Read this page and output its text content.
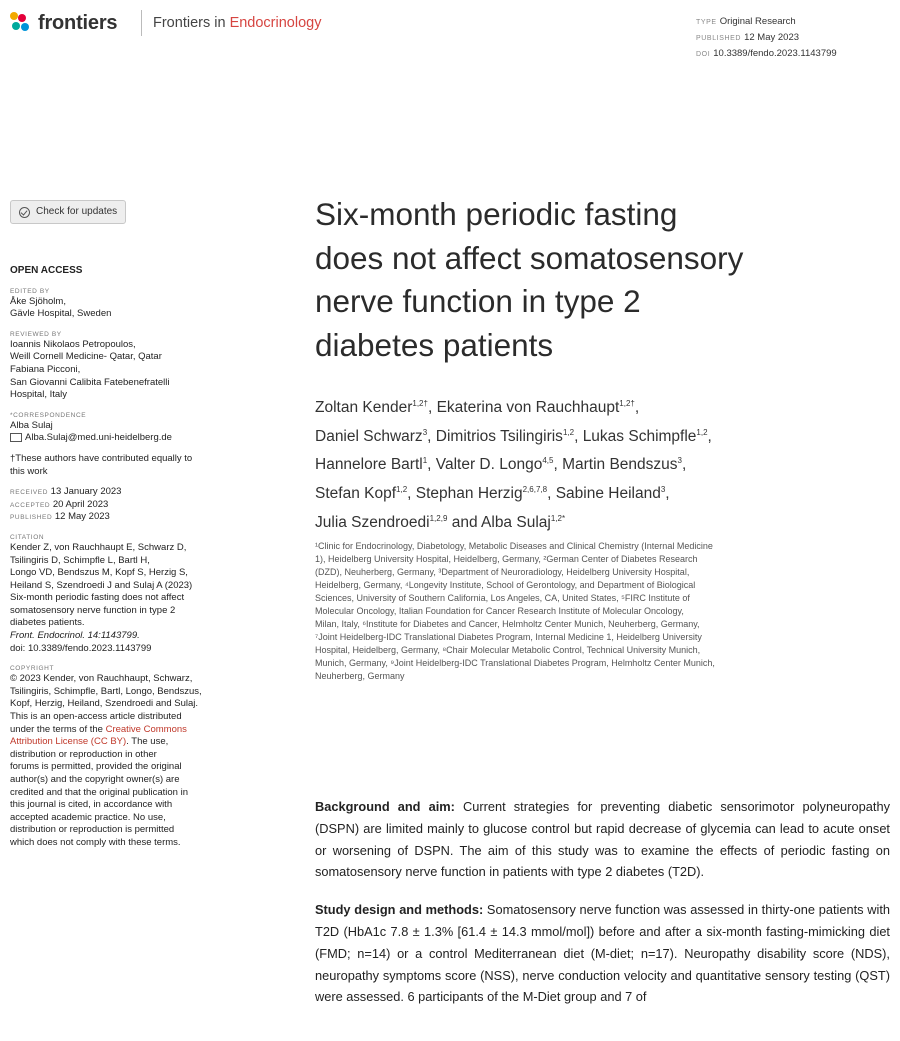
frontiers Frontiers in Endocrinology	TYPE Original Research
PUBLISHED 12 May 2023
DOI 10.3389/fendo.2023.1143799
Check for updates
OPEN ACCESS
EDITED BY

Åke Sjöholm,
Gävle Hospital, Sweden

REVIEWED BY

Ioannis Nikolaos Petropoulos,
Weill Cornell Medicine- Qatar, Qatar
Fabiana Picconi,
San Giovanni Calibita Fatebenefratelli
Hospital, Italy

*CORRESPONDENCE

Alba Sulaj
Alba.Sulaj@med.uni-heidelberg.de

†These authors have contributed equally to
this work

RECEIVED 13 January 2023
ACCEPTED 20 April 2023
PUBLISHED 12 May 2023

CITATION

Kender Z, von Rauchhaupt E, Schwarz D,
Tsilingiris D, Schimpfle L, Bartl H,
Longo VD, Bendszus M, Kopf S, Herzig S,
Heiland S, Szendroedi J and Sulaj A (2023)
Six-month periodic fasting does not affect
somatosensory nerve function in type 2
diabetes patients.
Front. Endocrinol. 14:1143799.
doi: 10.3389/fendo.2023.1143799

COPYRIGHT

© 2023 Kender, von Rauchhaupt, Schwarz,
Tsilingiris, Schimpfle, Bartl, Longo, Bendszus,
Kopf, Herzig, Heiland, Szendroedi and Sulaj.
This is an open-access article distributed
under the terms of the Creative Commons
Attribution License (CC BY). The use,
distribution or reproduction in other
forums is permitted, provided the original
author(s) and the copyright owner(s) are
credited and that the original publication in
this journal is cited, in accordance with
accepted academic practice. No use,
distribution or reproduction is permitted
which does not comply with these terms.

Six-month periodic fasting
does not affect somatosensory
nerve function in type 2
diabetes patients
Zoltan Kender$^{1,2\dagger}$, Ekaterina von Rauchhaupt$^{1,2\dagger}$,
Daniel Schwarz$^3$, Dimitrios Tsilingiris$^{1,2}$, Lukas Schimpfle$^{1,2}$,
Hannelore Bartl$^1$, Valter D. Longo$^{4,5}$, Martin Bendszus$^3$,
Stefan Kopf$^{1,2}$, Stephan Herzig$^{2,6,7,8}$, Sabine Heiland$^3$,
Julia Szendroedi$^{1,2,9}$ and Alba Sulaj$^{1,2*}$
¹Clinic for Endocrinology, Diabetology, Metabolic Diseases and Clinical Chemistry (Internal Medicine
1), Heidelberg University Hospital, Heidelberg, Germany, ²German Center of Diabetes Research
(DZD), Neuherberg, Germany, ³Department of Neuroradiology, Heidelberg University Hospital,
Heidelberg, Germany, ⁴Longevity Institute, School of Gerontology, and Department of Biological
Sciences, University of Southern California, Los Angeles, CA, United States, ⁵FIRC Institute of
Molecular Oncology, Italian Foundation for Cancer Research Institute of Molecular Oncology,
Milan, Italy, ⁶Institute for Diabetes and Cancer, Helmholtz Center Munich, Neuherberg, Germany,
⁷Joint Heidelberg-IDC Translational Diabetes Program, Internal Medicine 1, Heidelberg University
Hospital, Heidelberg, Germany, ⁸Chair Molecular Metabolic Control, Technical University Munich,
Munich, Germany, ⁹Joint Heidelberg-IDC Translational Diabetes Program, Helmholtz Center Munich,
Neuherberg, Germany

Background and aim: Current strategies for preventing diabetic sensorimotor polyneuropathy (DSPN) are limited mainly to glucose control but rapid decrease of glycemia can lead to acute onset or worsening of DSPN. The aim of this study was to examine the effects of periodic fasting on somatosensory nerve function in patients with type 2 diabetes (T2D).

Study design and methods: Somatosensory nerve function was assessed in thirty-one patients with T2D (HbA1c 7.8 ± 1.3% [61.4 ± 14.3 mmol/mol]) before and after a six-month fasting-mimicking diet (FMD; n=14) or a control Mediterranean diet (M-diet; n=17). Neuropathy disability score (NDS), neuropathy symptoms score (NSS), nerve conduction velocity and quantitative sensory testing (QST) were assessed. 6 participants of the M-Diet group and 7 of
